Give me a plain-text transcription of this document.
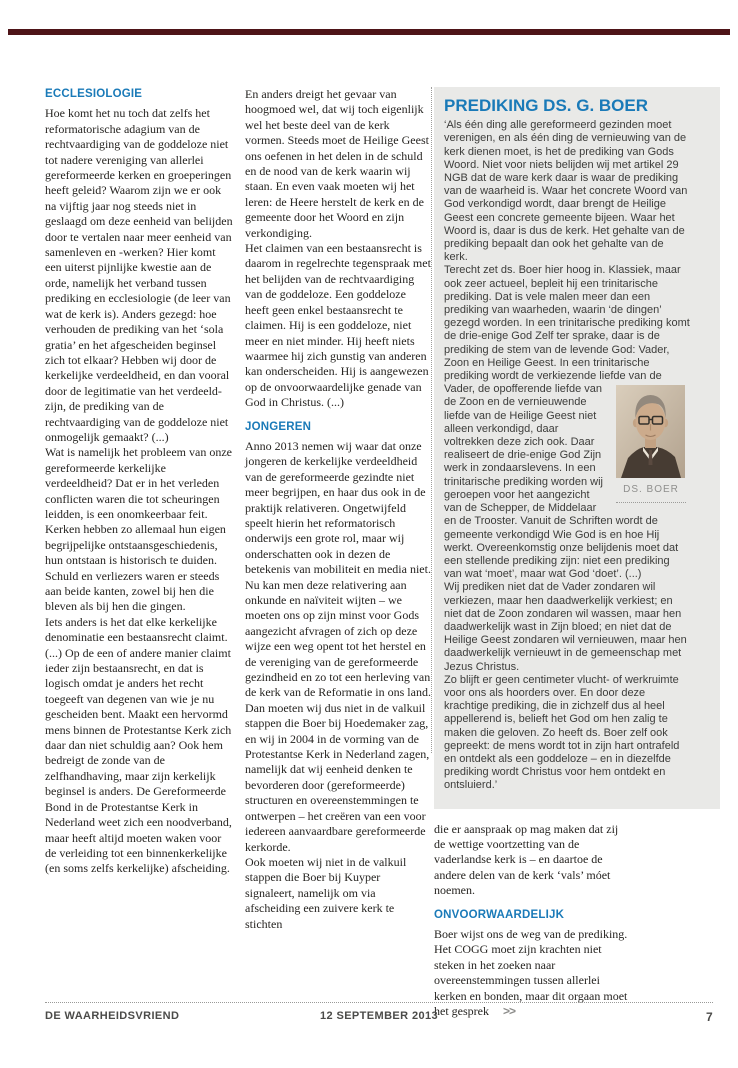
ECCLESIOLOGIE

Hoe komt het nu toch dat zelfs het reformatorische adagium van de rechtvaardiging van de goddeloze niet tot nadere vereniging van allerlei gereformeerde kerken en groeperingen heeft geleid? Waarom zijn we er ook na vijftig jaar nog steeds niet in geslaagd om deze eenheid van belijden door te vertalen naar meer eenheid van samenleven en -werken? Hier komt een uiterst pijnlijke kwestie aan de orde, namelijk het verband tussen prediking en ecclesiologie (de leer van wat de kerk is). Anders gezegd: hoe verhouden de prediking van het ‘sola gratia’ en het afgescheiden beginsel zich tot elkaar? Hebben wij door de kerkelijke verdeeldheid, en dan vooral door de legitimatie van het verdeeld-zijn, de prediking van de rechtvaardiging van de goddeloze niet onmogelijk gemaakt? (...)

Wat is namelijk het probleem van onze gereformeerde kerkelijke verdeeldheid? Dat er in het verleden conflicten waren die tot scheuringen leidden, is een onomkeerbaar feit. Kerken hebben zo allemaal hun eigen begrijpelijke ontstaansgeschiedenis, hun ontstaan is historisch te duiden. Schuld en verliezers waren er steeds aan beide kanten, zowel bij hen die bleven als bij hen die gingen.

Iets anders is het dat elke kerkelijke denominatie een bestaansrecht claimt. (...) Op de een of andere manier claimt ieder zijn bestaansrecht, en dat is logisch omdat je anders het recht toegeeft van degenen van wie je nu gescheiden bent. Maakt een hervormd mens binnen de Protestantse Kerk zich daar dan niet schuldig aan? Ook hem bedreigt de zonde van de zelfhandhaving, maar zijn kerkelijk beginsel is anders. De Gereformeerde Bond in de Protestantse Kerk in Nederland weet zich een noodverband, maar heeft altijd moeten waken voor de verleiding tot een binnenkerkelijke (en soms zelfs kerkelijke) afscheiding.

En anders dreigt het gevaar van hoogmoed wel, dat wij toch eigenlijk wel het beste deel van de kerk vormen. Steeds moet de Heilige Geest ons oefenen in het delen in de schuld en de nood van de kerk waarin wij staan. En even vaak moeten wij het leren: de Heere herstelt de kerk en de gemeente door het Woord en zijn verkondiging.

Het claimen van een bestaansrecht is daarom in regelrechte tegenspraak met het belijden van de rechtvaardiging van de goddeloze. Een goddeloze heeft geen enkel bestaansrecht te claimen. Hij is een goddeloze, niet meer en niet minder. Hij heeft niets waarmee hij zich gunstig van anderen kan onderscheiden. Hij is aangewezen op de onvoorwaardelijke genade van God in Christus. (...)

JONGEREN

Anno 2013 nemen wij waar dat onze jongeren de kerkelijke verdeeldheid van de gereformeerde gezindte niet meer begrijpen, en haar dus ook in de praktijk relativeren. Ongetwijfeld speelt hierin het reformatorisch onderwijs een grote rol, maar wij onderschatten ook in dezen de betekenis van mobiliteit en media niet. Nu kan men deze relativering aan onkunde en naïviteit wijten – we moeten ons op zijn minst voor Gods aangezicht afvragen of zich op deze wijze een weg opent tot het herstel en de vereniging van de gereformeerde gezindheid en zo tot een herleving van de kerk van de Reformatie in ons land. Dan moeten wij dus niet in de valkuil stappen die Boer bij Hoedemaker zag, en wij in 2004 in de vorming van de Protestantse Kerk in Nederland zagen, namelijk dat wij eenheid denken te bevorderen door (gereformeerde) structuren en overeenstemmingen te ontwerpen – het creëren van een voor iedereen aanvaardbare gereformeerde kerkorde.

Ook moeten wij niet in de valkuil stappen die Boer bij Kuyper signaleert, namelijk om via afscheiding een zuivere kerk te stichten

PREDIKING DS. G. BOER

‘Als één ding alle gereformeerd gezinden moet verenigen, en als één ding de vernieuwing van de kerk dienen moet, is het de prediking van Gods Woord. Niet voor niets belijden wij met artikel 29 NGB dat de ware kerk daar is waar de prediking van de waarheid is. Waar het concrete Woord van God verkondigd wordt, daar brengt de Heilige Geest een concrete gemeente bijeen. Waar het Woord is, daar is dus de kerk. Het gehalte van de prediking bepaalt dan ook het gehalte van de kerk.

Terecht zet ds. Boer hier hoog in. Klassiek, maar ook zeer actueel, bepleit hij een trinitarische prediking. Dat is vele malen meer dan een prediking van waarheden, waarin ‘de dingen’ gezegd worden. In een trinitarische prediking komt de drie-enige God Zelf ter sprake, daar is de prediking de stem van de levende God: Vader, Zoon en Heilige Geest. In een trinitarische prediking wordt de verkiezende liefde
DS. BOER
van de Vader, de opofferende liefde van de Zoon en de vernieuwende liefde van de Heilige Geest niet alleen verkondigd, daar voltrekken deze zich ook. Daar realiseert de drie-enige God Zijn werk in zondaarslevens. In een trinitarische prediking worden wij geroepen voor het aangezicht van de Schepper, de Middelaar en de Trooster. Vanuit de Schriften wordt de gemeente verkondigd Wie God is en hoe Hij werkt. Overeenkomstig onze belijdenis moet dat een stellende prediking zijn: niet een prediking van wat ‘moet’, maar wat God ‘doet’. (...)

Wij prediken niet dat de Vader zondaren wil verkiezen, maar hen daadwerkelijk verkiest; en niet dat de Zoon zondaren wil wassen, maar hen daadwerkelijk wast in Zijn bloed; en niet dat de Heilige Geest zondaren wil vernieuwen, maar hen daadwerkelijk vernieuwt in de gemeenschap met Jezus Christus.

Zo blijft er geen centimeter vlucht- of werkruimte voor ons als hoorders over. En door deze krachtige prediking, die in zichzelf dus al heel appellerend is, belieft het God om hen zalig te maken die geloven. Zo heeft ds. Boer zelf ook gepreekt: de mens wordt tot in zijn hart ontrafeld en ontdekt als een goddeloze – en in diezelfde prediking wordt Christus voor hem ontdekt en ontsluierd.’

die er aanspraak op mag maken dat zij de wettige voortzetting van de vaderlandse kerk is – en daartoe de andere delen van de kerk ‘vals’ móet noemen.

ONVOORWAARDELIJK

Boer wijst ons de weg van de prediking. Het COGG moet zijn krachten niet steken in het zoeken naar overeenstemmingen tussen allerlei kerken en bonden, maar dit orgaan moet het gesprek >>

DE WAARHEIDSVRIEND	12 SEPTEMBER 2013	7
